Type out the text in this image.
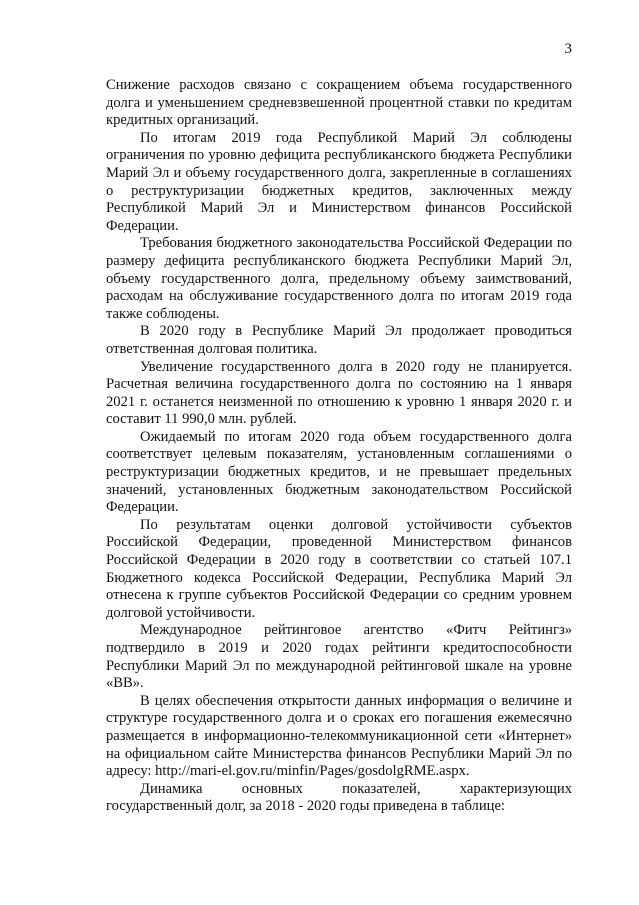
3

Снижение расходов связано с сокращением объема государственного долга и уменьшением средневзвешенной процентной ставки по кредитам кредитных организаций.

По итогам 2019 года Республикой Марий Эл соблюдены ограничения по уровню дефицита республиканского бюджета Республики Марий Эл и объему государственного долга, закрепленные в соглашениях о реструктуризации бюджетных кредитов, заключенных между Республикой Марий Эл и Министерством финансов Российской Федерации.

Требования бюджетного законодательства Российской Федерации по размеру дефицита республиканского бюджета Республики Марий Эл, объему государственного долга, предельному объему заимствований, расходам на обслуживание государственного долга по итогам 2019 года также соблюдены.

В 2020 году в Республике Марий Эл продолжает проводиться ответственная долговая политика.

Увеличение государственного долга в 2020 году не планируется. Расчетная величина государственного долга по состоянию на 1 января 2021 г. останется неизменной по отношению к уровню 1 января 2020 г. и составит 11 990,0 млн. рублей.

Ожидаемый по итогам 2020 года объем государственного долга соответствует целевым показателям, установленным соглашениями о реструктуризации бюджетных кредитов, и не превышает предельных значений, установленных бюджетным законодательством Российской Федерации.

По результатам оценки долговой устойчивости субъектов Российской Федерации, проведенной Министерством финансов Российской Федерации в 2020 году в соответствии со статьей 107.1 Бюджетного кодекса Российской Федерации, Республика Марий Эл отнесена к группе субъектов Российской Федерации со средним уровнем долговой устойчивости.

Международное рейтинговое агентство «Фитч Рейтингз» подтвердило в 2019 и 2020 годах рейтинги кредитоспособности Республики Марий Эл по международной рейтинговой шкале на уровне «BB».

В целях обеспечения открытости данных информация о величине и структуре государственного долга и о сроках его погашения ежемесячно размещается в информационно-телекоммуникационной сети «Интернет» на официальном сайте Министерства финансов Республики Марий Эл по адресу: http://mari-el.gov.ru/minfin/Pages/gosdolgRME.aspx.

Динамика основных показателей, характеризующих государственный долг, за 2018 - 2020 годы приведена в таблице:
